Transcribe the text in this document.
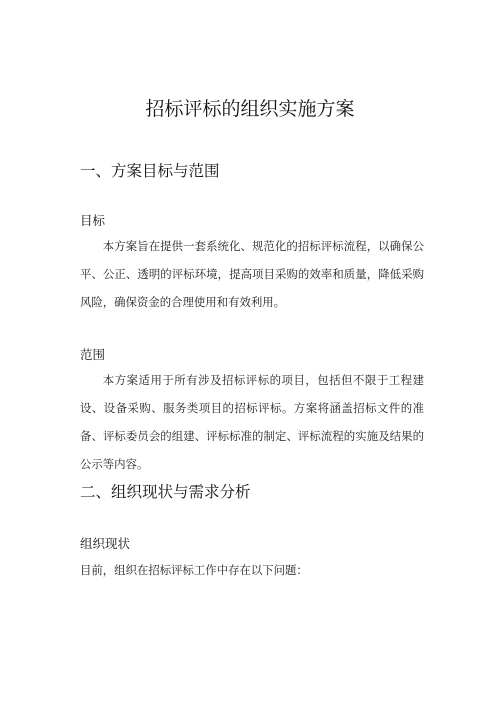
招标评标的组织实施方案
一、方案目标与范围
目标

本方案旨在提供一套系统化、规范化的招标评标流程，以确保公平、公正、透明的评标环境，提高项目采购的效率和质量，降低采购风险，确保资金的合理使用和有效利用。

范围

本方案适用于所有涉及招标评标的项目，包括但不限于工程建设、设备采购、服务类项目的招标评标。方案将涵盖招标文件的准备、评标委员会的组建、评标标准的制定、评标流程的实施及结果的公示等内容。

二、组织现状与需求分析
组织现状

目前，组织在招标评标工作中存在以下问题：
